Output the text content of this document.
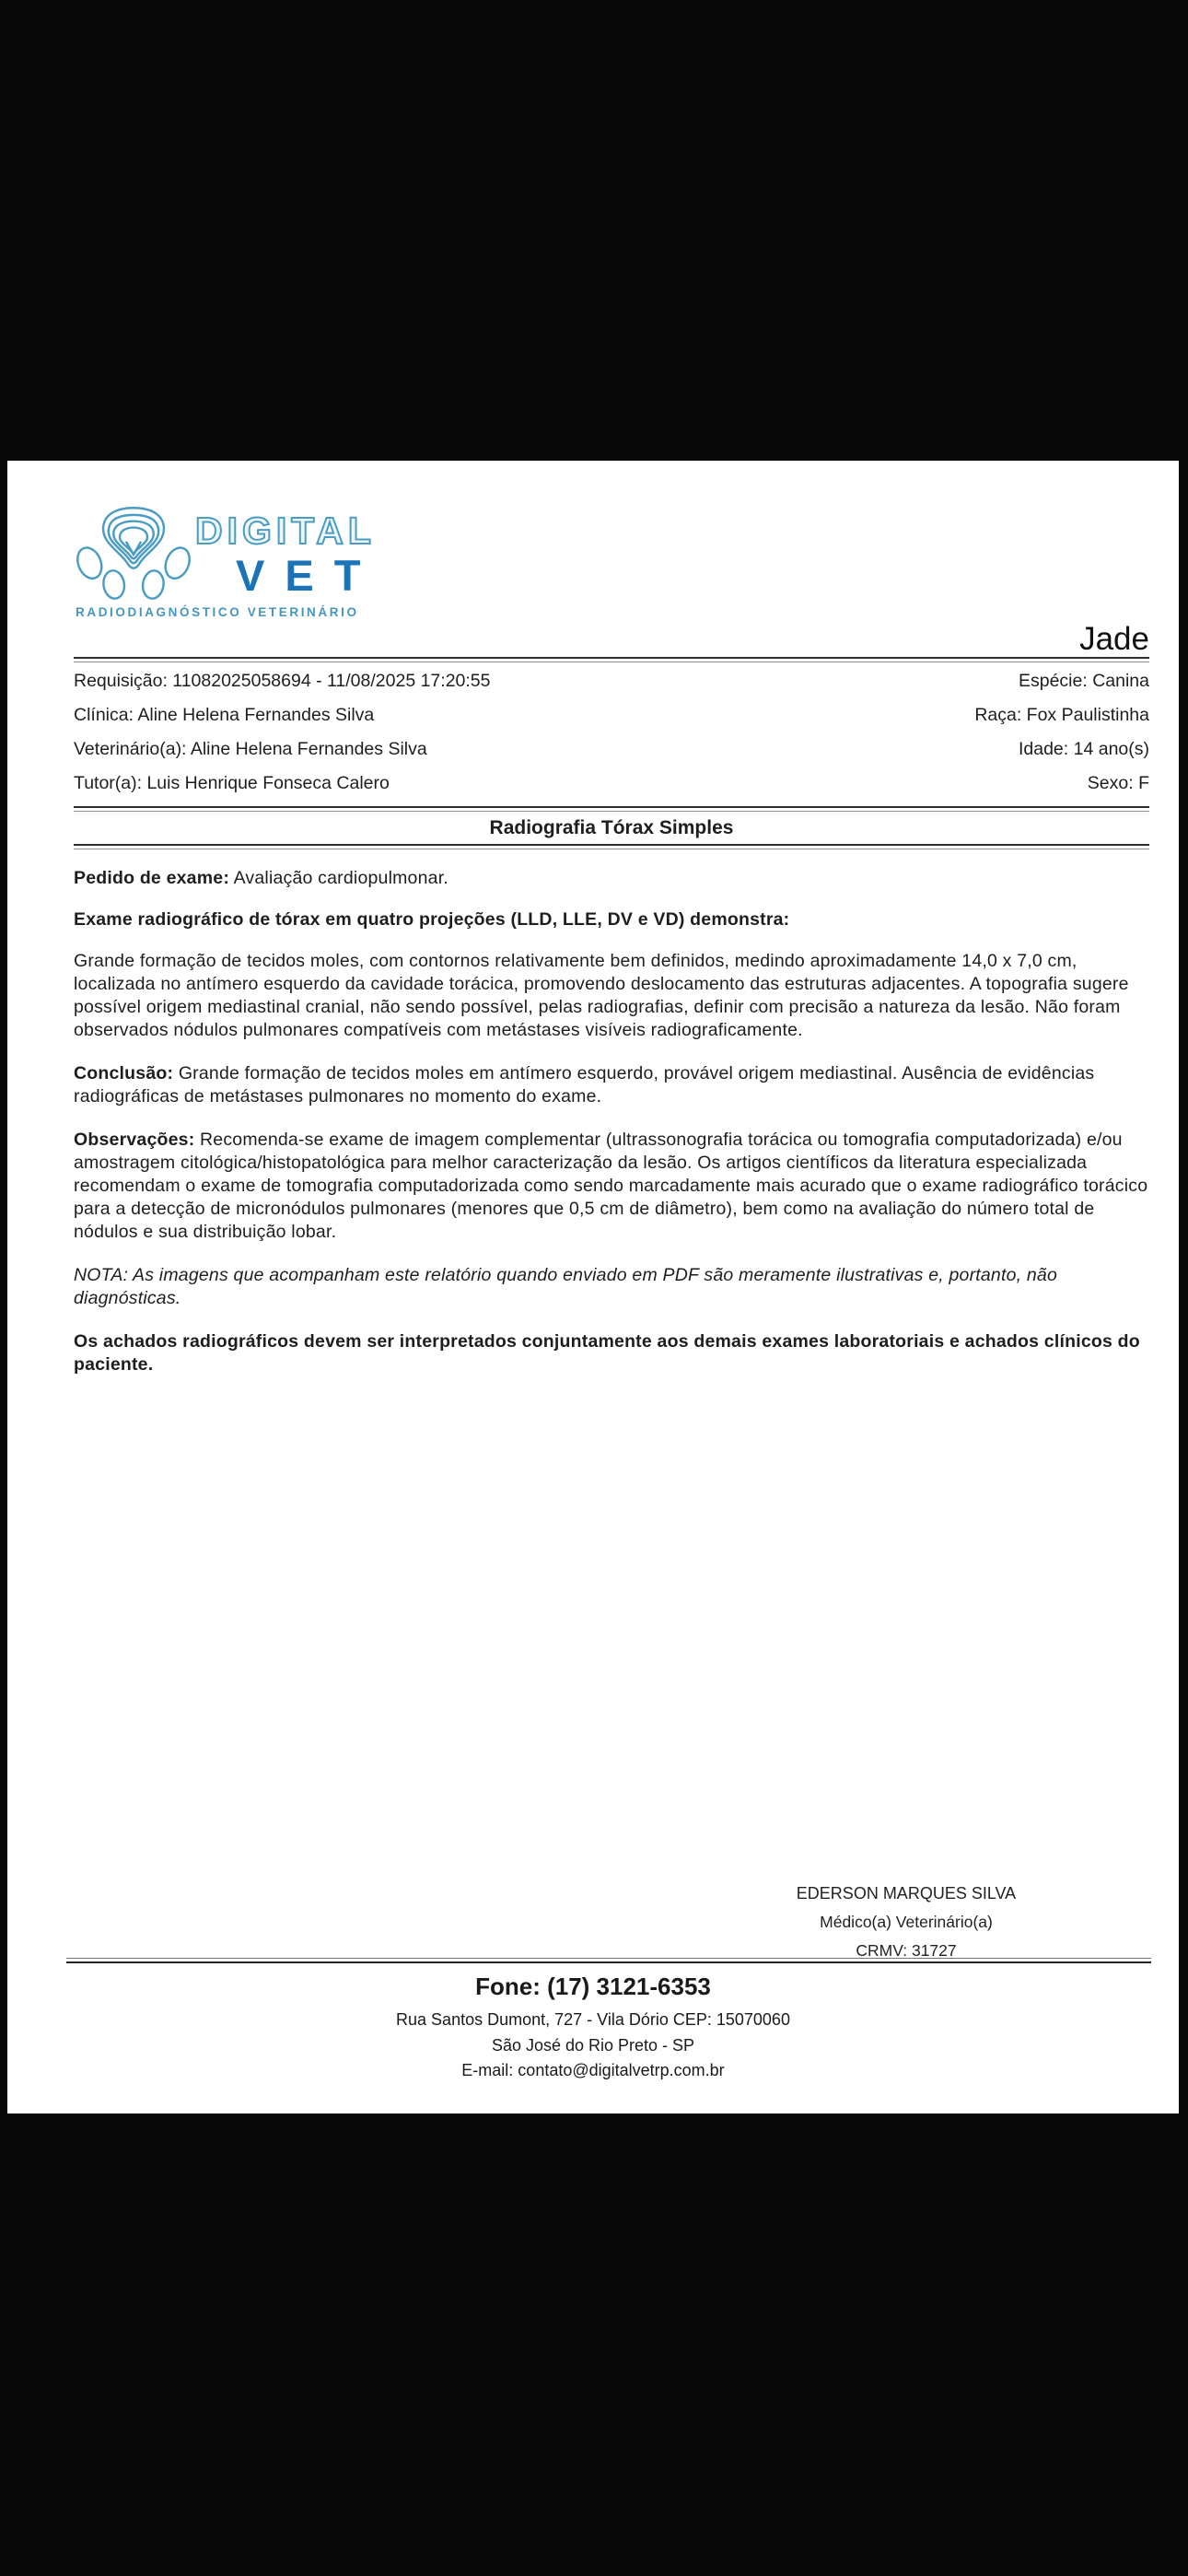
DIGITAL
VET
RADIODIAGNÓSTICO VETERINÁRIO
Jade
Requisição: 11082025058694 - 11/08/2025 17:20:55	Espécie: Canina
Clínica: Aline Helena Fernandes Silva	Raça: Fox Paulistinha
Veterinário(a): Aline Helena Fernandes Silva	Idade: 14 ano(s)
Tutor(a): Luis Henrique Fonseca Calero	Sexo: F
Radiografia Tórax Simples
Pedido de exame: Avaliação cardiopulmonar.
Exame radiográfico de tórax em quatro projeções (LLD, LLE, DV e VD) demonstra:
Grande formação de tecidos moles, com contornos relativamente bem definidos, medindo aproximadamente 14,0 x 7,0 cm, localizada no antímero esquerdo da cavidade torácica, promovendo deslocamento das estruturas adjacentes. A topografia sugere possível origem mediastinal cranial, não sendo possível, pelas radiografias, definir com precisão a natureza da lesão. Não foram observados nódulos pulmonares compatíveis com metástases visíveis radiograficamente.
Conclusão: Grande formação de tecidos moles em antímero esquerdo, provável origem mediastinal. Ausência de evidências radiográficas de metástases pulmonares no momento do exame.
Observações: Recomenda-se exame de imagem complementar (ultrassonografia torácica ou tomografia computadorizada) e/ou amostragem citológica/histopatológica para melhor caracterização da lesão. Os artigos científicos da literatura especializada recomendam o exame de tomografia computadorizada como sendo marcadamente mais acurado que o exame radiográfico torácico para a detecção de micronódulos pulmonares (menores que 0,5 cm de diâmetro), bem como na avaliação do número total de nódulos e sua distribuição lobar.
NOTA: As imagens que acompanham este relatório quando enviado em PDF são meramente ilustrativas e, portanto, não diagnósticas.
Os achados radiográficos devem ser interpretados conjuntamente aos demais exames laboratoriais e achados clínicos do paciente.
EDERSON MARQUES SILVA
Médico(a) Veterinário(a)
CRMV: 31727
Fone: (17) 3121-6353
Rua Santos Dumont, 727 - Vila Dório CEP: 15070060
São José do Rio Preto - SP
E-mail: contato@digitalvetrp.com.br
